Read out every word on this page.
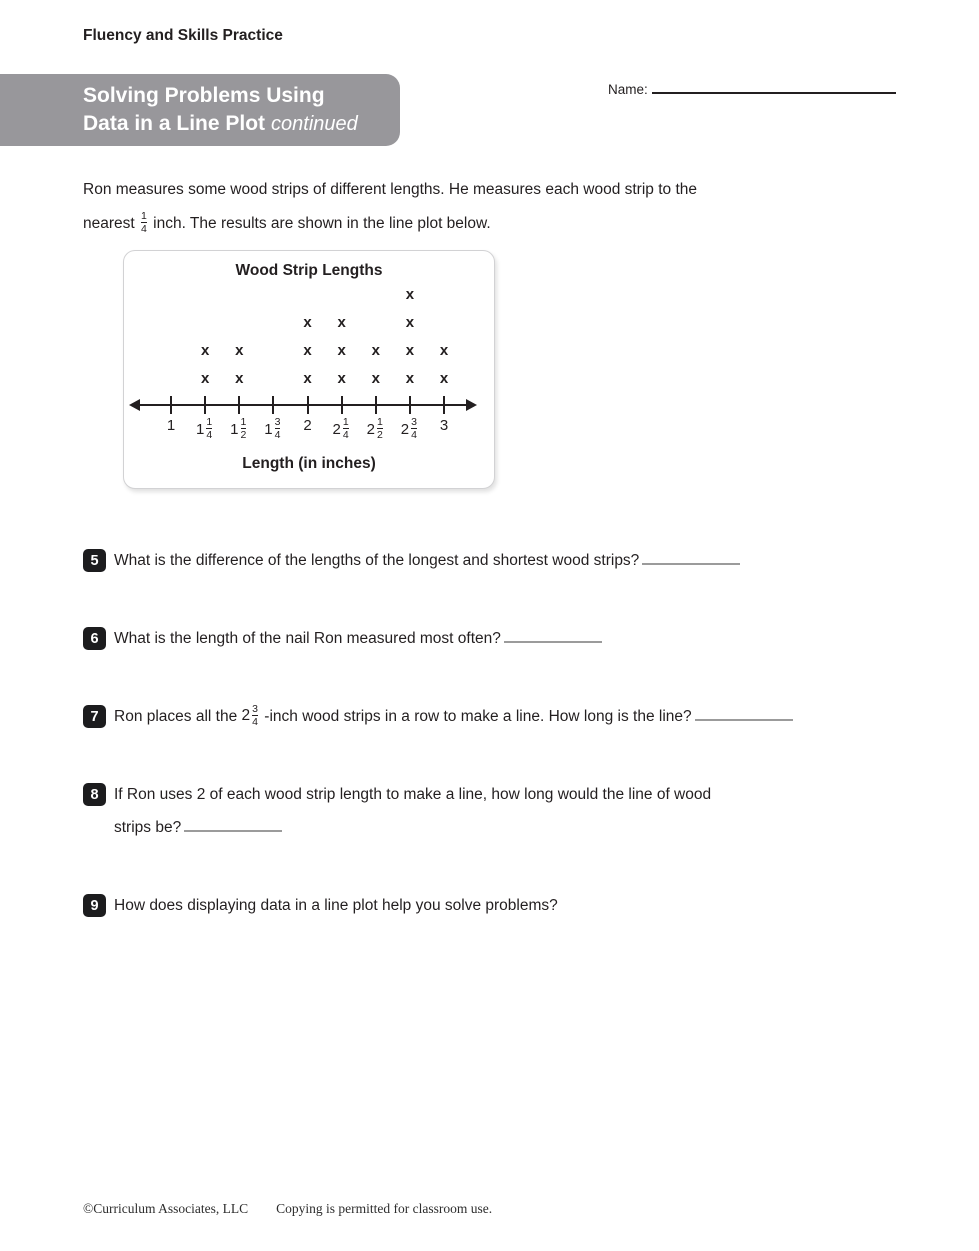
Fluency and Skills Practice
Solving Problems Using
Data in a Line Plot continued
Name:
Ron measures some wood strips of different lengths. He measures each wood strip to the
nearest $\frac{1}{4}$ inch. The results are shown in the line plot below.
Wood Strip Lengths
Length (in inches)
1
x
x
$1 \frac{1}{4}$
x
x
$1 \frac{1}{2} 1 \frac{3}{4}$
x
x
x
2
x
x
x
$2 \frac{1}{4}$
x
x
$2 \frac{1}{2}$
x
x
x
x
$2 \frac{3}{4}$
x
x
3
5 What is the difference of the lengths of the longest and shortest wood strips?
6 What is the length of the nail Ron measured most often?
7 Ron places all the $2 \frac{3}{4}$ -inch wood strips in a row to make a line. How long is the line?
8 If Ron uses 2 of each wood strip length to make a line, how long would the line of wood
strips be?
9 How does displaying data in a line plot help you solve problems?
©Curriculum Associates, LLC Copying is permitted for classroom use.
